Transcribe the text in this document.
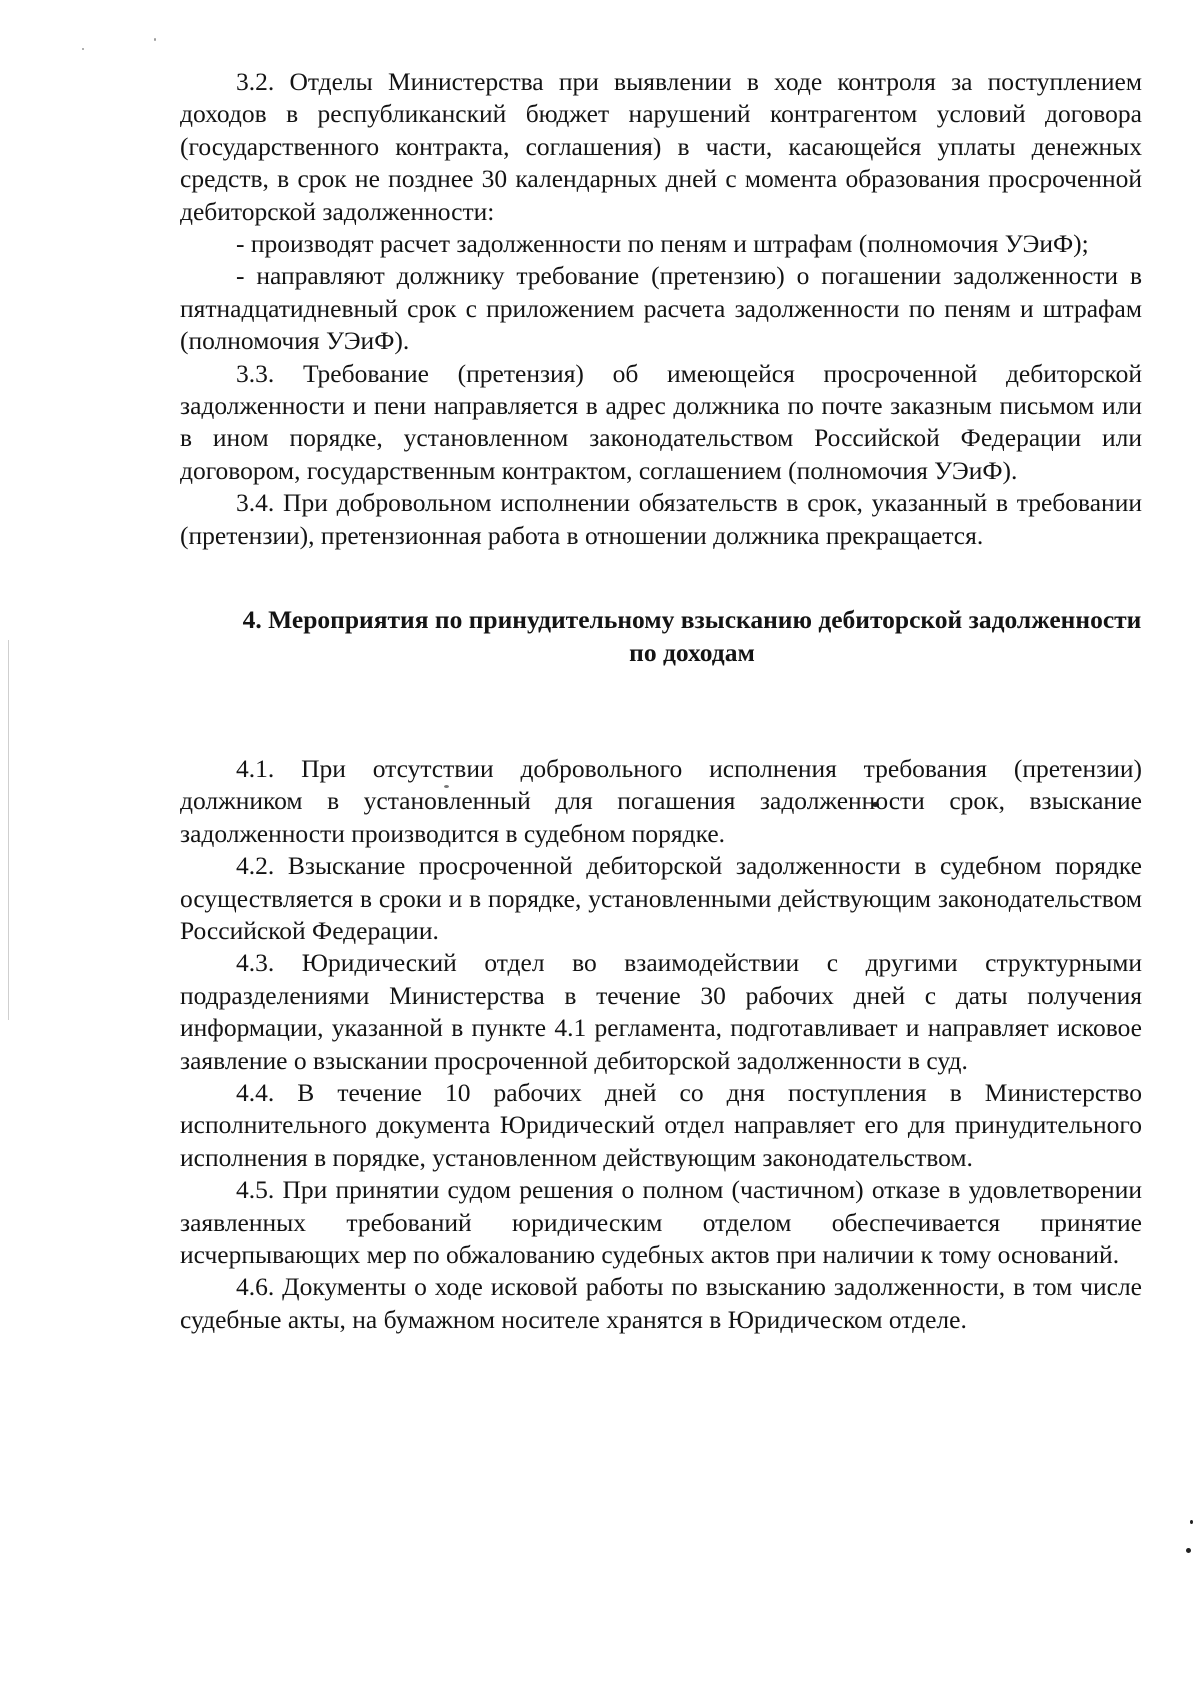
3.2. Отделы Министерства при выявлении в ходе контроля за поступлением доходов в республиканский бюджет нарушений контрагентом условий договора (государственного контракта, соглашения) в части, касающейся уплаты денежных средств, в срок не позднее 30 календарных дней с момента образования просроченной дебиторской задолженности:

- производят расчет задолженности по пеням и штрафам (полномочия УЭиФ);

- направляют должнику требование (претензию) о погашении задолженности в пятнадцатидневный срок с приложением расчета задолженности по пеням и штрафам (полномочия УЭиФ).

3.3. Требование (претензия) об имеющейся просроченной дебиторской задолженности и пени направляется в адрес должника по почте заказным письмом или в ином порядке, установленном законодательством Российской Федерации или договором, государственным контрактом, соглашением (полномочия УЭиФ).

3.4. При добровольном исполнении обязательств в срок, указанный в требовании (претензии), претензионная работа в отношении должника прекращается.

4. Мероприятия по принудительному взысканию дебиторской задолженности по доходам

4.1. При отсутствии добровольного исполнения требования (претензии) должником в установленный для погашения задолженности срок, взыскание задолженности производится в судебном порядке.

4.2. Взыскание просроченной дебиторской задолженности в судебном порядке осуществляется в сроки и в порядке, установленными действующим законодательством Российской Федерации.

4.3. Юридический отдел во взаимодействии с другими структурными подразделениями Министерства в течение 30 рабочих дней с даты получения информации, указанной в пункте 4.1 регламента, подготавливает и направляет исковое заявление о взыскании просроченной дебиторской задолженности в суд.

4.4. В течение 10 рабочих дней со дня поступления в Министерство исполнительного документа Юридический отдел направляет его для принудительного исполнения в порядке, установленном действующим законодательством.

4.5. При принятии судом решения о полном (частичном) отказе в удовлетворении заявленных требований юридическим отделом обеспечивается принятие исчерпывающих мер по обжалованию судебных актов при наличии к тому оснований.

4.6. Документы о ходе исковой работы по взысканию задолженности, в том числе судебные акты, на бумажном носителе хранятся в Юридическом отделе.
